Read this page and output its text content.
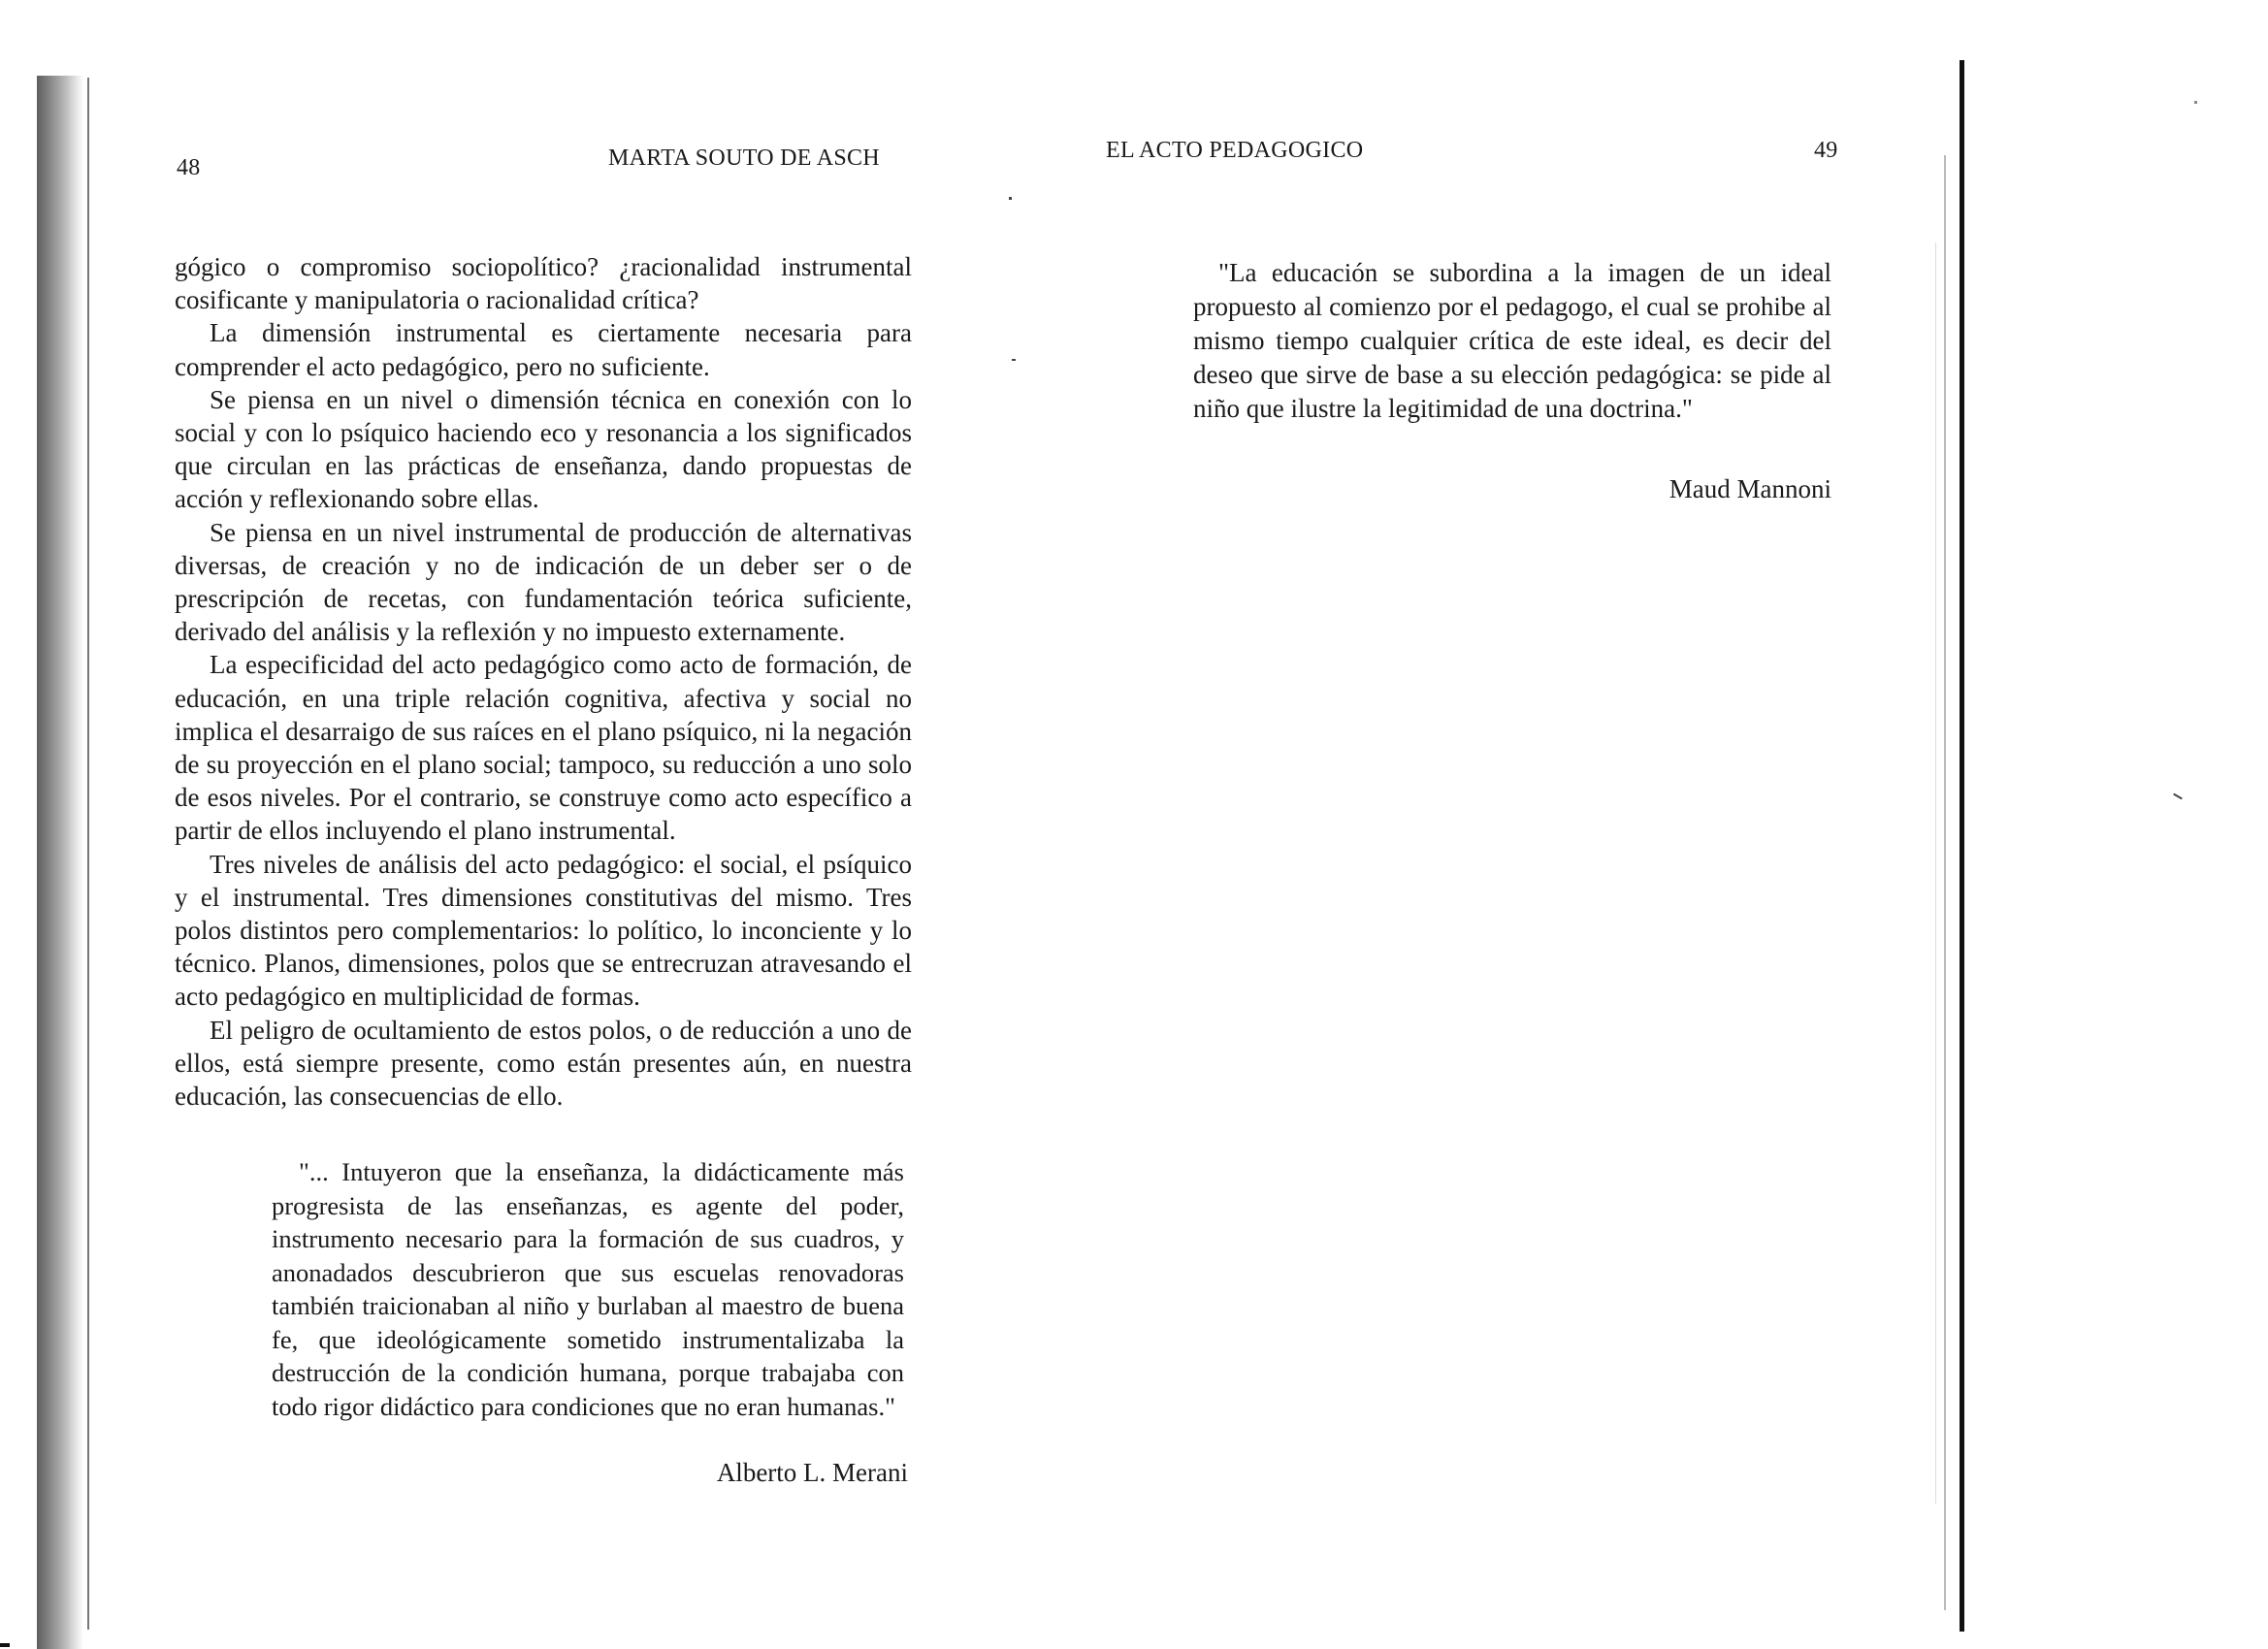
48	MARTA SOUTO DE ASCH

gógico o compromiso sociopolítico? ¿racionalidad instrumental cosificante y manipulatoria o racionalidad crítica?

La dimensión instrumental es ciertamente necesaria para comprender el acto pedagógico, pero no suficiente.

Se piensa en un nivel o dimensión técnica en conexión con lo social y con lo psíquico haciendo eco y resonancia a los significados que circulan en las prácticas de enseñanza, dando propuestas de acción y reflexionando sobre ellas.

Se piensa en un nivel instrumental de producción de alternativas diversas, de creación y no de indicación de un deber ser o de prescripción de recetas, con fundamentación teórica suficiente, derivado del análisis y la reflexión y no impuesto externamente.

La especificidad del acto pedagógico como acto de formación, de educación, en una triple relación cognitiva, afectiva y social no implica el desarraigo de sus raíces en el plano psíquico, ni la negación de su proyección en el plano social; tampoco, su reducción a uno solo de esos niveles. Por el contrario, se construye como acto específico a partir de ellos incluyendo el plano instrumental.

Tres niveles de análisis del acto pedagógico: el social, el psíquico y el instrumental. Tres dimensiones constitutivas del mismo. Tres polos distintos pero complementarios: lo político, lo inconciente y lo técnico. Planos, dimensiones, polos que se entrecruzan atravesando el acto pedagógico en multiplicidad de formas.

El peligro de ocultamiento de estos polos, o de reducción a uno de ellos, está siempre presente, como están presentes aún, en nuestra educación, las consecuencias de ello.

"... Intuyeron que la enseñanza, la didácticamente más progresista de las enseñanzas, es agente del poder, instrumento necesario para la formación de sus cuadros, y anonadados descubrieron que sus escuelas renovadoras también traicionaban al niño y burlaban al maestro de buena fe, que ideológicamente sometido instrumentalizaba la destrucción de la condición humana, porque trabajaba con todo rigor didáctico para condiciones que no eran humanas."
Alberto L. Merani
EL ACTO PEDAGOGICO	49
"La educación se subordina a la imagen de un ideal propuesto al comienzo por el pedagogo, el cual se prohibe al mismo tiempo cualquier crítica de este ideal, es decir del deseo que sirve de base a su elección pedagógica: se pide al niño que ilustre la legitimidad de una doctrina."
Maud Mannoni
